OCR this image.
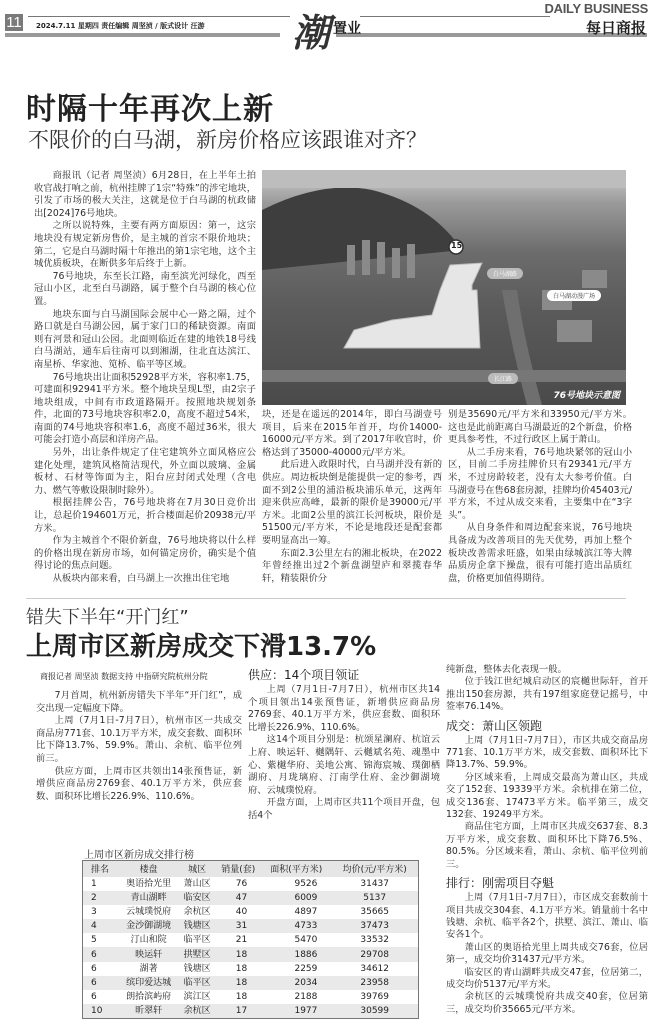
11 2024.7.11 星期四 责任编辑 周坚浈 / 版式设计 汪游 潮 置业
DAILY BUSINESS
每日商报
时隔十年再次上新
不限价的白马湖，新房价格应该跟谁对齐？

商报讯（记者 周坚浈）6月28日，在上半年土拍收官战打响之前，杭州挂牌了1宗“特殊”的涉宅地块，引发了市场的极大关注，这就是位于白马湖的杭政储出[2024]76号地块。

之所以说特殊，主要有两方面原因：第一，这宗地块没有规定新房售价，是主城的首宗不限价地块；第二，它是白马湖时隔十年推出的第1宗宅地，这个主城优质板块，在断供多年后终于上新。

76号地块，东至长江路，南至滨光河绿化，西至冠山小区，北至白马湖路，属于整个白马湖的核心位置。

地块东面与白马湖国际会展中心一路之隔，过个路口就是白马湖公园，属于家门口的稀缺资源。南面则有河景和冠山公园。北面则临近在建的地铁18号线白马湖站，通车后往南可以到湘湖，往北直达滨江、南星桥、华家池、笕桥、临平等区域。

76号地块出让面积52928平方米，容积率1.75，可建面积92941平方米。整个地块呈现L型，由2宗子地块组成，中间有市政道路隔开。按照地块规划条件，北面的73号地块容积率2.0，高度不超过54米，南面的74号地块容积率1.6，高度不超过36米，很大可能会打造小高层和洋房产品。

另外，出让条件规定了住宅建筑外立面风格应公建化处理，建筑风格简洁现代，外立面以玻璃、金属板材、石材等饰面为主，阳台应封闭式处理（含电力、燃气等敷设限制时除外）。

根据挂牌公告，76号地块将在7月30日竞价出让，总起价194601万元，折合楼面起价20938元/平方米。

作为主城首个不限价新盘，76号地块将以什么样的价格出现在新房市场，如何锚定房价，确实是个值得讨论的焦点问题。

从板块内部来看，白马湖上一次推出住宅地

15
白马湖路
白马湖动漫广场
长江路
76号地块示意图

块，还是在遥远的2014年，即白马湖壹号项目，后来在2015年首开，均价14000-16000元/平方米。到了2017年收官时，价格达到了35000-40000元/平方米。

此后进入政限时代，白马湖并没有新的供应。周边板块倒是能提供一定的参考，西面不到2公里的浦沿板块浦乐单元，这两年迎来供应高峰，最新的限价是39000元/平方米。北面2公里的滨江长河板块，限价是51500元/平方米，不论是地段还是配套都要明显高出一筹。

东面2.3公里左右的湘北板块，在2022年曾经推出过2个新盘湖望庐和翠揽春华轩，精装限价分

别是35690元/平方米和33950元/平方米。这也是此前距离白马湖最近的2个新盘，价格更具参考性，不过行政区上属于萧山。

从二手房来看，76号地块紧邻的冠山小区，目前二手房挂牌价只有29341元/平方米，不过房龄较老，没有太大参考价值。白马湖壹号在售68套房源，挂牌均价45403元/平方米，不过从成交来看，主要集中在“3字头”。

从自身条件和周边配套来说，76号地块具备成为改善项目的先天优势，再加上整个板块改善需求旺盛，如果由绿城滨江等大牌品质房企拿下操盘，很有可能打造出品质红盘，价格更加值得期待。

错失下半年“开门红”
上周市区新房成交下滑13.7%
商报记者 周坚浈 数据支持 中指研究院杭州分院

7月首周，杭州新房错失下半年“开门红”，成交出现一定幅度下降。

上周（7月1日-7月7日），杭州市区一共成交商品房771套、10.1万平方米，成交套数、面积环比下降13.7%、59.9%。萧山、余杭、临平位列前三。

供应方面，上周市区共领出14张预售证，新增供应商品房2769套、40.1万平方米，供应套数、面积环比增长226.9%、110.6%。

供应：14个项目领证

上周（7月1日-7月7日），杭州市区共14个项目领出14张预售证，新增供应商品房2769套、40.1万平方米，供应套数、面积环比增长226.9%、110.6%。

这14个项目分别是：杭颂星澜府、杭谊云上府、映运轩、樾隅轩、云樾斌名苑、魂墨中心、紫樾华府、美地公寓、锦海宸城、璞御栖湖府、月珑璃府、汀南学仕府、金沙御湖境府、云城璞悦府。

开盘方面，上周市区共11个项目开盘，包括4个

纯新盘，整体去化表现一般。

位于钱江世纪城启动区的宸樾世际轩，首开推出150套房源，共有197组家庭登记摇号，中签率76.14%。

成交：萧山区领跑

上周（7月1日-7月7日），市区共成交商品房771套、10.1万平方米，成交套数、面积环比下降13.7%、59.9%。

分区域来看，上周成交最高为萧山区，共成交了152套、19339平方米。余杭排在第二位，成交136套、17473平方米。临平第三，成交132套、19249平方米。

商品住宅方面，上周市区共成交637套、8.3万平方米，成交套数、面积环比下降76.5%、80.5%。分区域来看，萧山、余杭、临平位列前三。

排行：刚需项目夺魁

上周（7月1日-7月7日），市区成交套数前十项目共成交304套、4.1万平方米。销量前十名中钱塘、余杭、临平各2个，拱墅、滨江、萧山、临安各1个。

萧山区的奥语拾光里上周共成交76套，位居第一，成交均价31437元/平方米。

临安区的青山湖畔共成交47套，位居第二，成交均价5137元/平方米。

余杭区的云城璞悦府共成交40套，位居第三，成交均价35665元/平方米。

上周市区新房成交排行榜
排名	楼盘	城区	销量(套)	面积(平方米)	均价(元/平方米)
1	奥语拾光里	萧山区	76	9526	31437
2	青山湖畔	临安区	47	6009	5137
3	云城璞悦府	余杭区	40	4897	35665
4	金沙御湖境	钱塘区	31	4733	37473
5	汀山和院	临平区	21	5470	33532
6	映运轩	拱墅区	18	1886	29708
6	湖著	钱塘区	18	2259	34612
6	缤印爱达城	临平区	18	2034	23958
6	朗拾滨屿府	滨江区	18	2188	39769
10	昕翠轩	余杭区	17	1977	30599
